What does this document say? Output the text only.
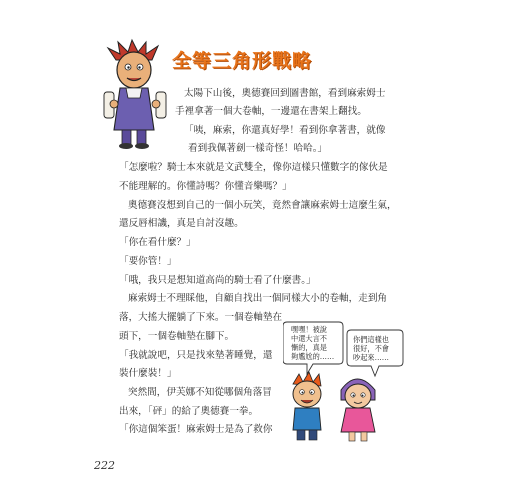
全等三角形戰略
太陽下山後，奧德賽回到圖書館，看到麻索姆士
手裡拿著一個大卷軸，一邊還在書架上翻找。
「咦，麻索，你還真好學！看到你拿著書，就像
看到我佩著劍一樣奇怪！哈哈。」
「怎麼啦？騎士本來就是文武雙全，像你這樣只懂數字的傢伙是
不能理解的。你懂詩嗎？你懂音樂嗎？」
奧德賽沒想到自己的一個小玩笑，竟然會讓麻索姆士這麼生氣，
還反唇相譏，真是自討沒趣。
「你在看什麼？」
「要你管！」
「哦，我只是想知道高尚的騎士看了什麼書。」
麻索姆士不理睬他，自顧自找出一個同樣大小的卷軸，走到角
落，大搖大擺躺了下來。一個卷軸墊在
頭下，一個卷軸墊在腳下。
「我就說吧，只是找來墊著睡覺，還
裝什麼裝！」
突然間，伊芙娜不知從哪個角落冒
出來，「砰」的給了奧德賽一拳。
「你這個笨蛋！麻索姆士是為了救你
嘿嘿！被說
中還大言不
慚的，真是
夠尷尬的……
你們這樣也
很好，不會
吵起來……
222
